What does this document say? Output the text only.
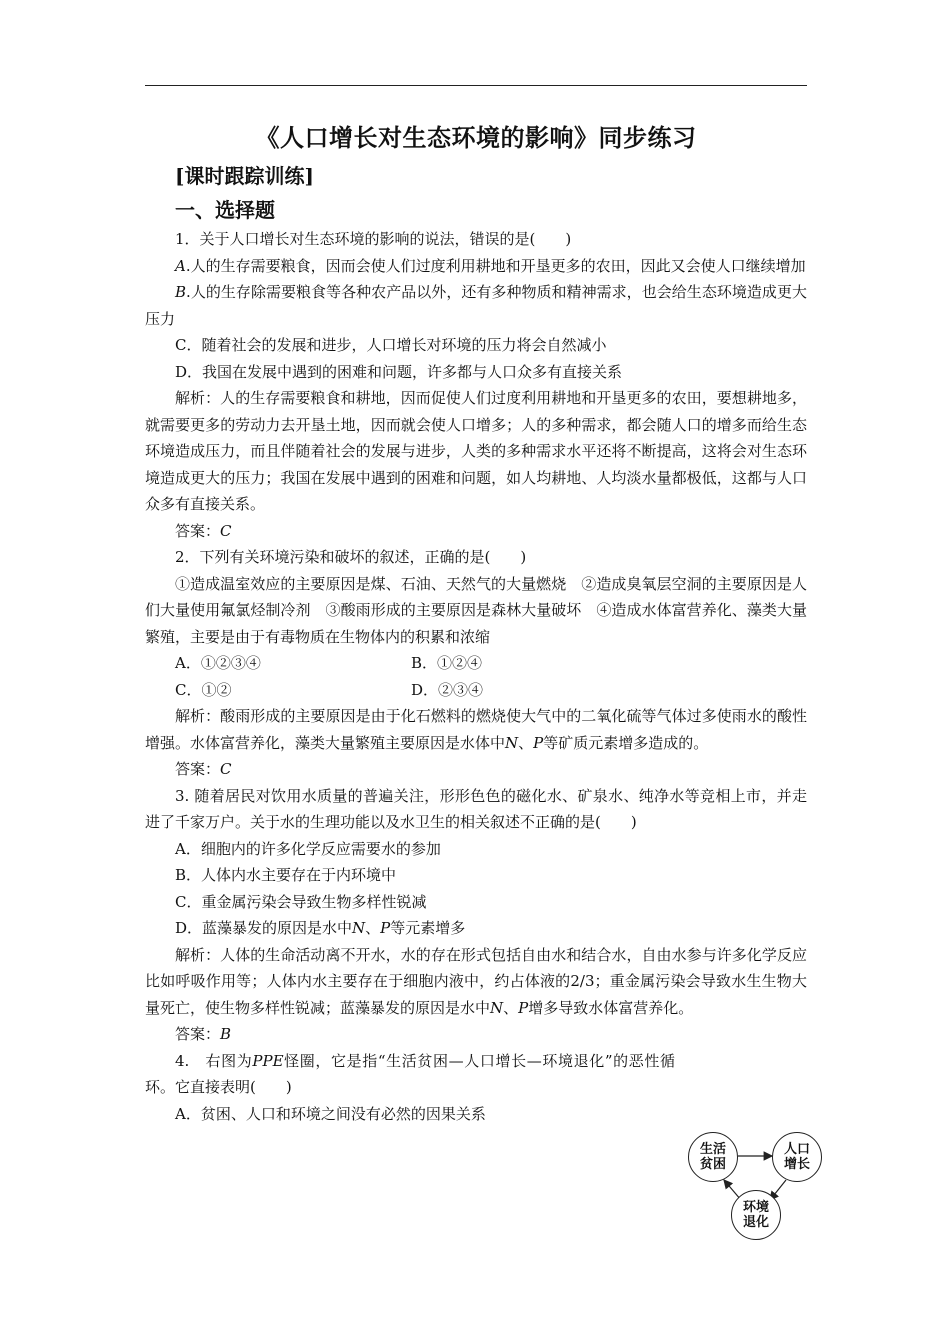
《人口增长对生态环境的影响》同步练习
[课时跟踪训练]
一、选择题

1．关于人口增长对生态环境的影响的说法，错误的是(　　)

A.人的生存需要粮食，因而会使人们过度利用耕地和开垦更多的农田，因此又会使人口继续增加

B.人的生存除需要粮食等各种农产品以外，还有多种物质和精神需求，也会给生态环境造成更大压力

C．随着社会的发展和进步，人口增长对环境的压力将会自然减小

D．我国在发展中遇到的困难和问题，许多都与人口众多有直接关系

解析：人的生存需要粮食和耕地，因而促使人们过度利用耕地和开垦更多的农田，要想耕地多，就需要更多的劳动力去开垦土地，因而就会使人口增多；人的多种需求，都会随人口的增多而给生态环境造成压力，而且伴随着社会的发展与进步，人类的多种需求水平还将不断提高，这将会对生态环境造成更大的压力；我国在发展中遇到的困难和问题，如人均耕地、人均淡水量都极低，这都与人口众多有直接关系。

答案：C

2．下列有关环境污染和破坏的叙述，正确的是(　　)

①造成温室效应的主要原因是煤、石油、天然气的大量燃烧　②造成臭氧层空洞的主要原因是人们大量使用氟氯烃制冷剂　③酸雨形成的主要原因是森林大量破坏　④造成水体富营养化、藻类大量繁殖，主要是由于有毒物质在生物体内的积累和浓缩

A．①②③④	B．①②④
C．①②	D．②③④

解析：酸雨形成的主要原因是由于化石燃料的燃烧使大气中的二氧化硫等气体过多使雨水的酸性增强。水体富营养化，藻类大量繁殖主要原因是水体中N、P等矿质元素增多造成的。

答案：C

3. 随着居民对饮用水质量的普遍关注，形形色色的磁化水、矿泉水、纯净水等竞相上市，并走进了千家万户。关于水的生理功能以及水卫生的相关叙述不正确的是(　　)

A．细胞内的许多化学反应需要水的参加

B．人体内水主要存在于内环境中

C．重金属污染会导致生物多样性锐减

D．蓝藻暴发的原因是水中N、P等元素增多

解析：人体的生命活动离不开水，水的存在形式包括自由水和结合水，自由水参与许多化学反应比如呼吸作用等；人体内水主要存在于细胞内液中，约占体液的2/3；重金属污染会导致水生生物大量死亡，使生物多样性锐减；蓝藻暴发的原因是水中N、P增多导致水体富营养化。

答案：B

4.　右图为PPE怪圈，它是指“生活贫困—人口增长—环境退化”的恶性循环。它直接表明(　　)

A．贫困、人口和环境之间没有必然的因果关系

生活
贫困
人口
增长
环境
退化
